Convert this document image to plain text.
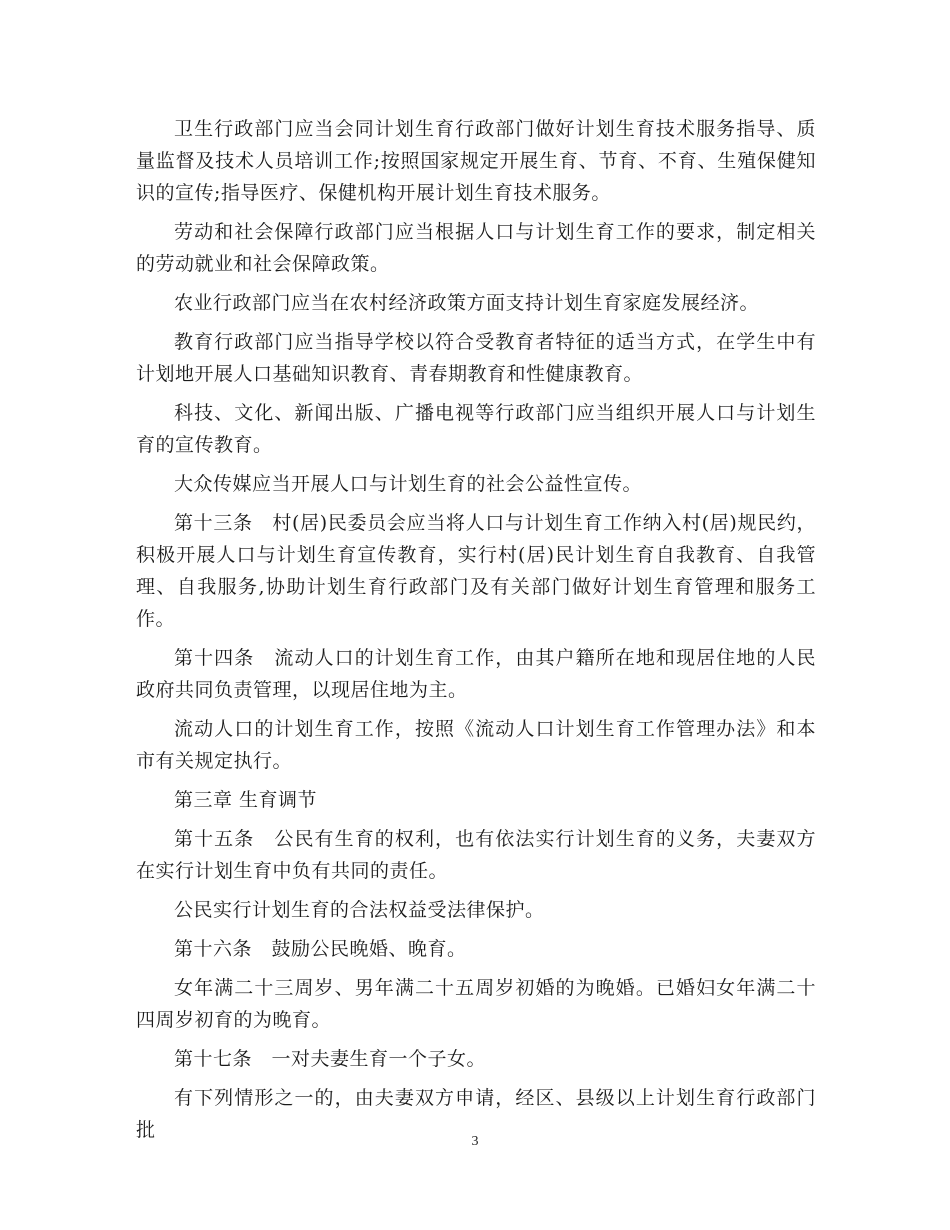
卫生行政部门应当会同计划生育行政部门做好计划生育技术服务指导、质量监督及技术人员培训工作;按照国家规定开展生育、节育、不育、生殖保健知识的宣传;指导医疗、保健机构开展计划生育技术服务。

劳动和社会保障行政部门应当根据人口与计划生育工作的要求，制定相关的劳动就业和社会保障政策。

农业行政部门应当在农村经济政策方面支持计划生育家庭发展经济。

教育行政部门应当指导学校以符合受教育者特征的适当方式，在学生中有计划地开展人口基础知识教育、青春期教育和性健康教育。

科技、文化、新闻出版、广播电视等行政部门应当组织开展人口与计划生育的宣传教育。

大众传媒应当开展人口与计划生育的社会公益性宣传。

第十三条　村(居)民委员会应当将人口与计划生育工作纳入村(居)规民约，积极开展人口与计划生育宣传教育，实行村(居)民计划生育自我教育、自我管理、自我服务,协助计划生育行政部门及有关部门做好计划生育管理和服务工作。

第十四条　流动人口的计划生育工作，由其户籍所在地和现居住地的人民政府共同负责管理，以现居住地为主。

流动人口的计划生育工作，按照《流动人口计划生育工作管理办法》和本市有关规定执行。

第三章 生育调节

第十五条　公民有生育的权利，也有依法实行计划生育的义务，夫妻双方在实行计划生育中负有共同的责任。

公民实行计划生育的合法权益受法律保护。

第十六条　鼓励公民晚婚、晚育。

女年满二十三周岁、男年满二十五周岁初婚的为晚婚。已婚妇女年满二十四周岁初育的为晚育。

第十七条　一对夫妻生育一个子女。

有下列情形之一的，由夫妻双方申请，经区、县级以上计划生育行政部门批

3
